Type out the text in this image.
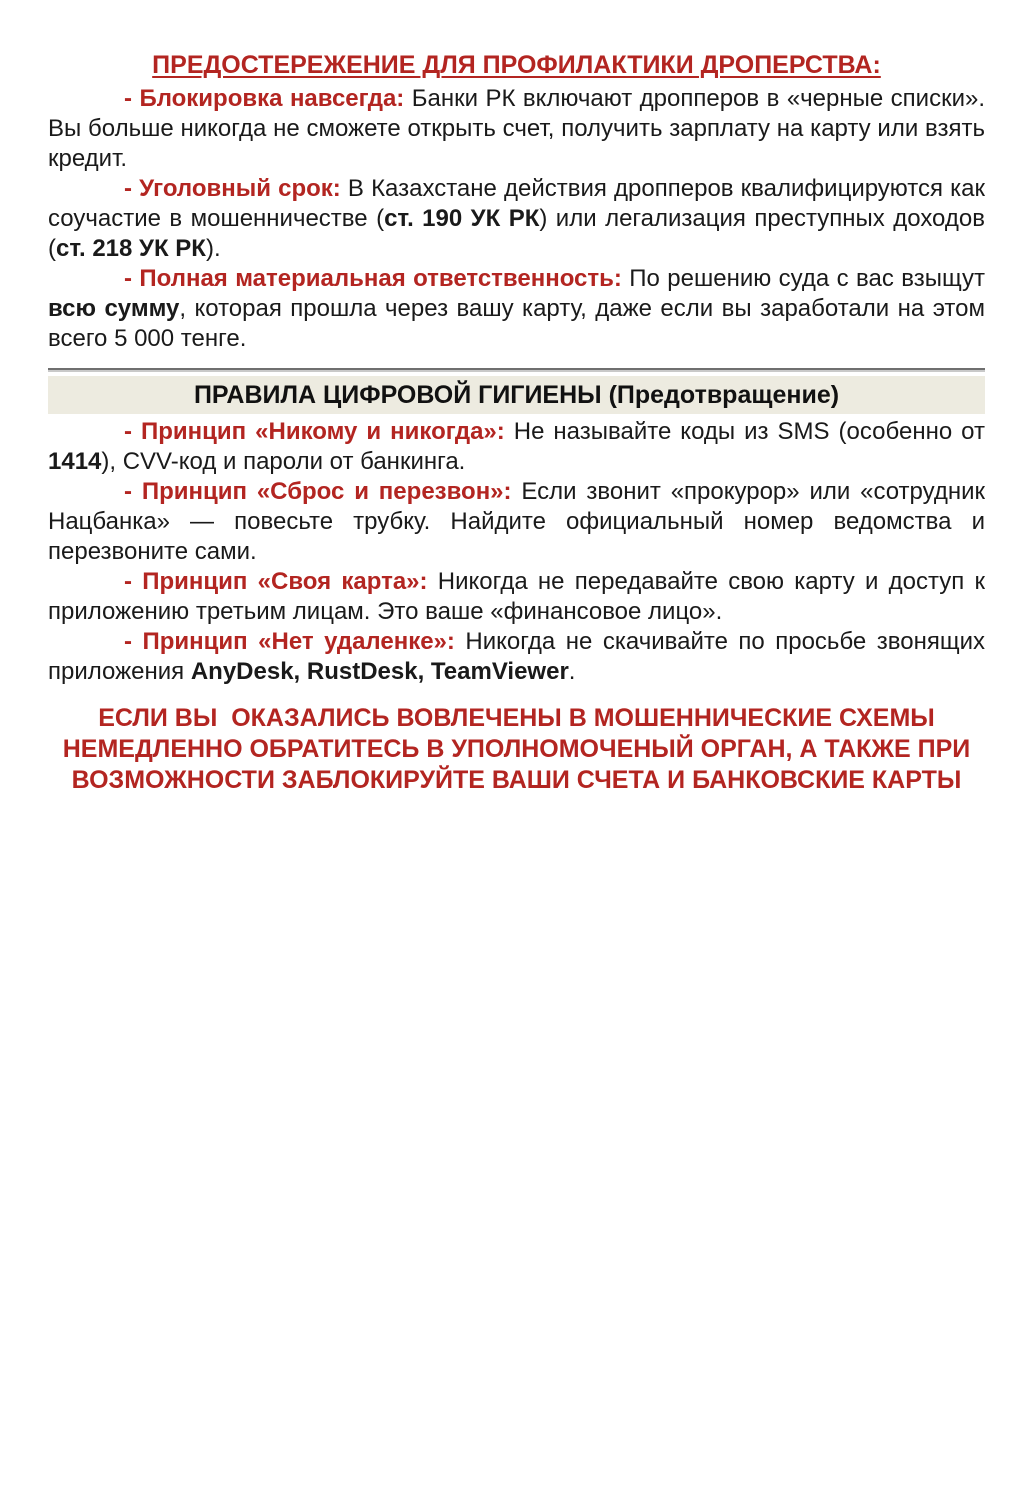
ПРЕДОСТЕРЕЖЕНИЕ ДЛЯ ПРОФИЛАКТИКИ ДРОПЕРСТВА:

- Блокировка навсегда: Банки РК включают дропперов в «черные списки». Вы больше никогда не сможете открыть счет, получить зарплату на карту или взять кредит.

- Уголовный срок: В Казахстане действия дропперов квалифицируются как соучастие в мошенничестве (ст. 190 УК РК) или легализация преступных доходов (ст. 218 УК РК).

- Полная материальная ответственность: По решению суда с вас взыщут всю сумму, которая прошла через вашу карту, даже если вы заработали на этом всего 5 000 тенге.

ПРАВИЛА ЦИФРОВОЙ ГИГИЕНЫ (Предотвращение)

- Принцип «Никому и никогда»: Не называйте коды из SMS (особенно от 1414), CVV-код и пароли от банкинга.

- Принцип «Сброс и перезвон»: Если звонит «прокурор» или «сотрудник Нацбанка» — повесьте трубку. Найдите официальный номер ведомства и перезвоните сами.

- Принцип «Своя карта»: Никогда не передавайте свою карту и доступ к приложению третьим лицам. Это ваше «финансовое лицо».

- Принцип «Нет удаленке»: Никогда не скачивайте по просьбе звонящих приложения AnyDesk, RustDesk, TeamViewer.

ЕСЛИ ВЫ  ОКАЗАЛИСЬ ВОВЛЕЧЕНЫ В МОШЕННИЧЕСКИЕ СХЕМЫ
НЕМЕДЛЕННО ОБРАТИТЕСЬ В УПОЛНОМОЧЕНЫЙ ОРГАН, А ТАКЖЕ ПРИ
ВОЗМОЖНОСТИ ЗАБЛОКИРУЙТЕ ВАШИ СЧЕТА И БАНКОВСКИЕ КАРТЫ
